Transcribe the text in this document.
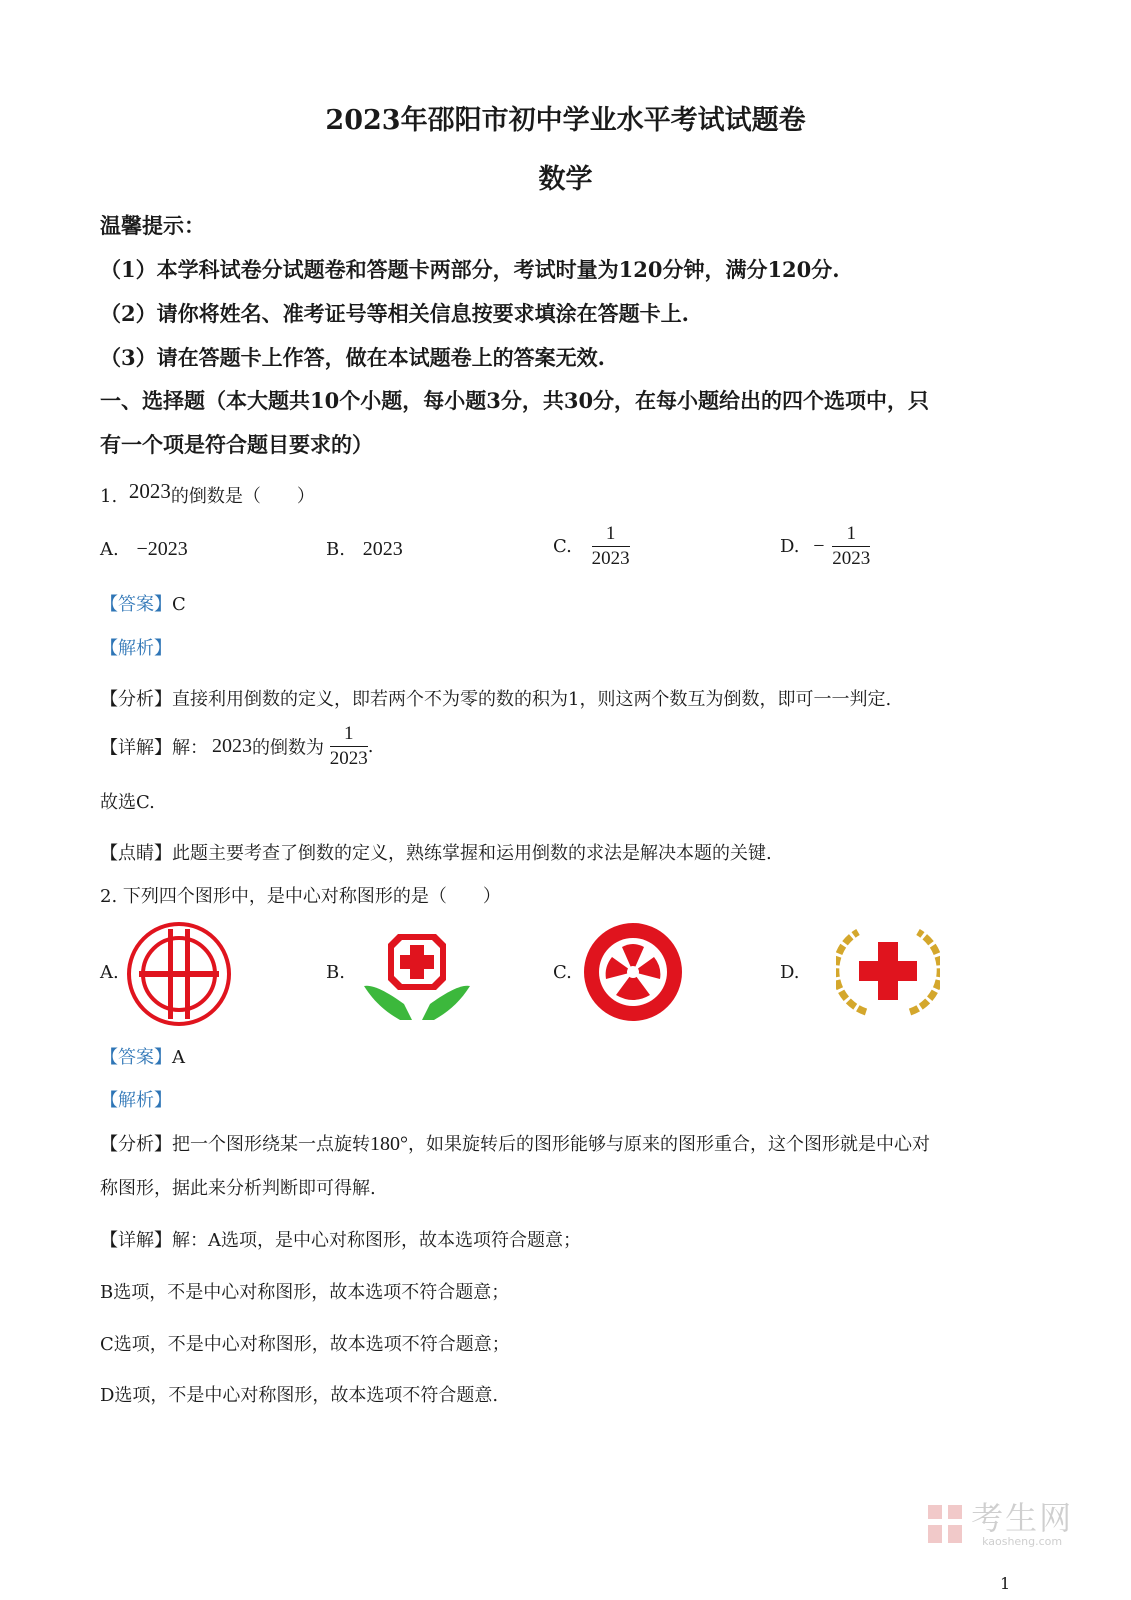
2023年邵阳市初中学业水平考试试题卷
数学
温馨提示：
（1）本学科试卷分试题卷和答题卡两部分，考试时量为120分钟，满分120分.
（2）请你将姓名、准考证号等相关信息按要求填涂在答题卡上.
（3）请在答题卡上作答，做在本试题卷上的答案无效.
一、选择题（本大题共10个小题，每小题3分，共30分，在每小题给出的四个选项中，只
有一个项是符合题目要求的）
1. 2023的倒数是（　　）
A. −2023	B. 2023	C. $\frac{1}{2023}$	D. − $\frac{1}{2023}$
【答案】C
【解析】
【分析】直接利用倒数的定义，即若两个不为零的数的积为1，则这两个数互为倒数，即可一一判定.
【详解】解： 2023的倒数为 $\frac{1}{2023}$ .
故选C.
【点睛】此题主要考查了倒数的定义，熟练掌握和运用倒数的求法是解决本题的关键.
2. 下列四个图形中，是中心对称图形的是（　　）
A.	B.	C.	D.
【答案】A
【解析】
【分析】把一个图形绕某一点旋转180°，如果旋转后的图形能够与原来的图形重合，这个图形就是中心对
称图形，据此来分析判断即可得解.
【详解】解：A选项，是中心对称图形，故本选项符合题意；
B选项，不是中心对称图形，故本选项不符合题意；
C选项，不是中心对称图形，故本选项不符合题意；
D选项，不是中心对称图形，故本选项不符合题意.

考生网
kaosheng.com
1
